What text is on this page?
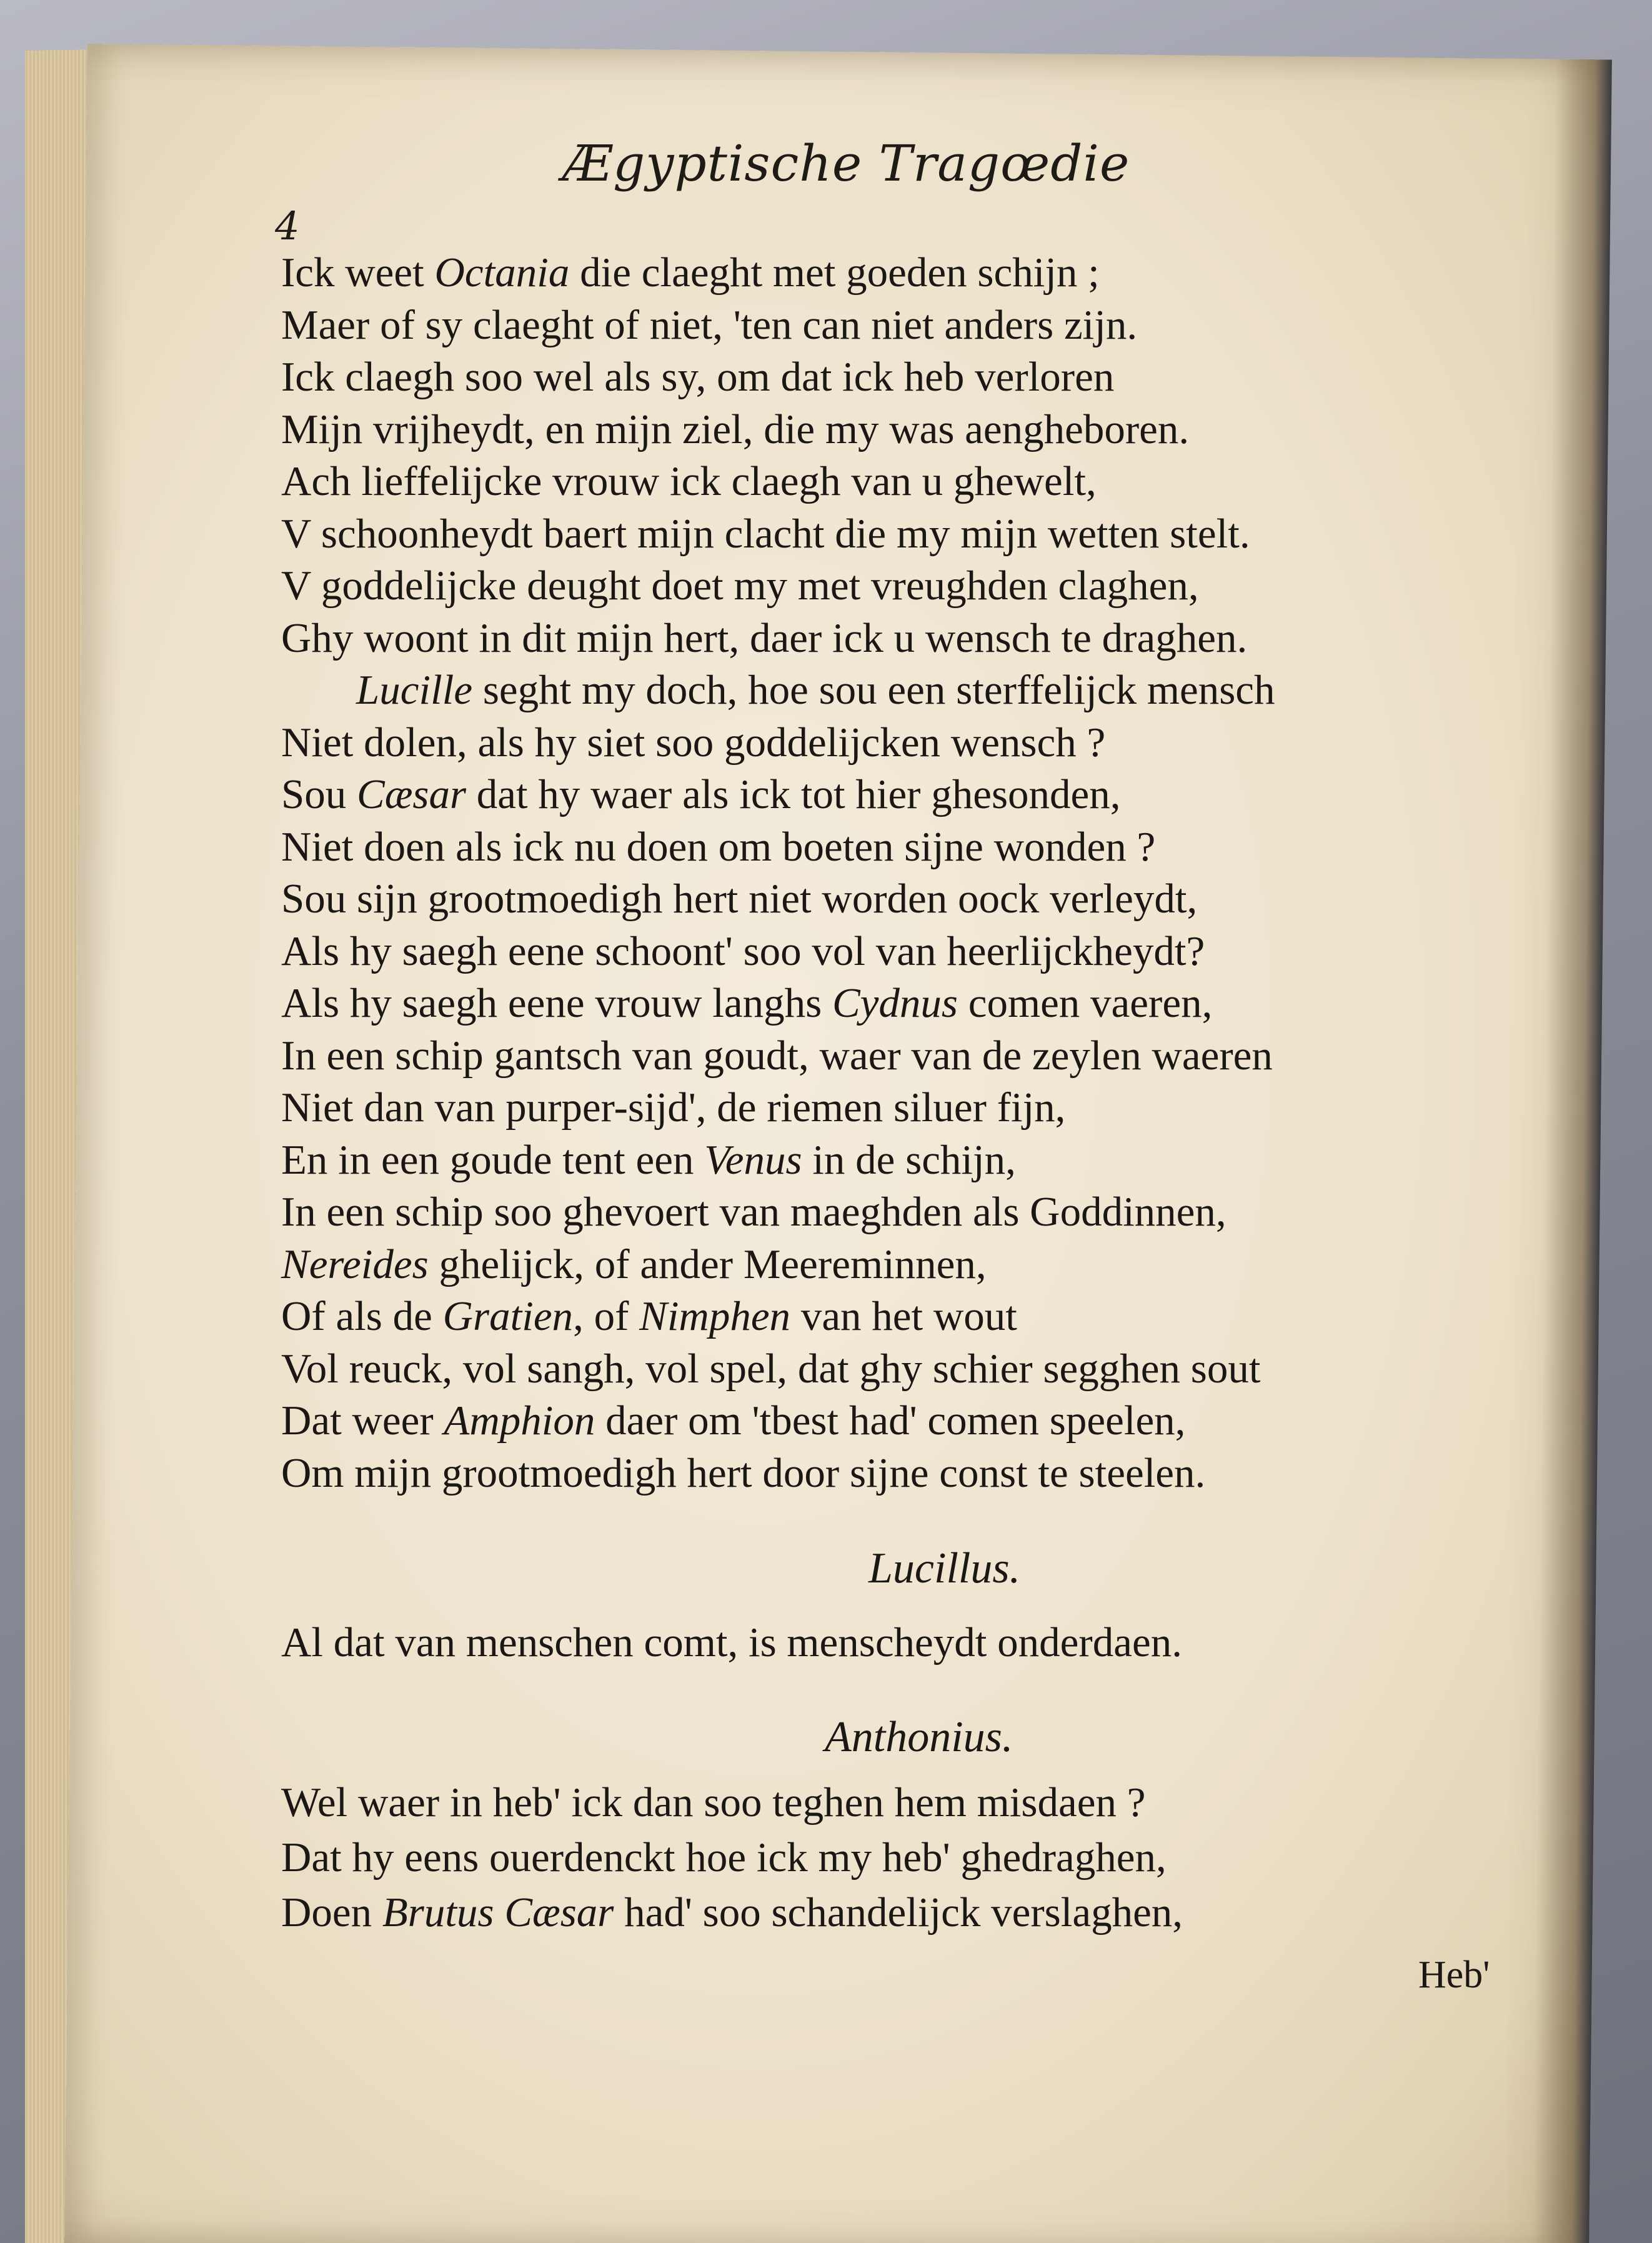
Ægyptische Tragœdie
4
Ick weet Octania die claeght met goeden schijn ;
Maer of sy claeght of niet, 'ten can niet anders zijn.
Ick claegh soo wel als sy, om dat ick heb verloren
Mijn vrijheydt, en mijn ziel, die my was aengheboren.
Ach lieffelijcke vrouw ick claegh van u ghewelt,
V schoonheydt baert mijn clacht die my mijn wetten stelt.
V goddelijcke deught doet my met vreughden claghen,
Ghy woont in dit mijn hert, daer ick u wensch te draghen.
Lucille seght my doch, hoe sou een sterffelijck mensch
Niet dolen, als hy siet soo goddelijcken wensch ?
Sou Cæsar dat hy waer als ick tot hier ghesonden,
Niet doen als ick nu doen om boeten sijne wonden ?
Sou sijn grootmoedigh hert niet worden oock verleydt,
Als hy saegh eene schoont' soo vol van heerlijckheydt?
Als hy saegh eene vrouw langhs Cydnus comen vaeren,
In een schip gantsch van goudt, waer van de zeylen waeren
Niet dan van purper-sijd', de riemen siluer fijn,
En in een goude tent een Venus in de schijn,
In een schip soo ghevoert van maeghden als Goddinnen,
Nereides ghelijck, of ander Meereminnen,
Of als de Gratien, of Nimphen van het wout
Vol reuck, vol sangh, vol spel, dat ghy schier segghen sout
Dat weer Amphion daer om 'tbest had' comen speelen,
Om mijn grootmoedigh hert door sijne const te steelen.
Lucillus.
Al dat van menschen comt, is menscheydt onderdaen.
Anthonius.
Wel waer in heb' ick dan soo teghen hem misdaen ?
Dat hy eens ouerdenckt hoe ick my heb' ghedraghen,
Doen Brutus Cæsar had' soo schandelijck verslaghen,
Heb'
